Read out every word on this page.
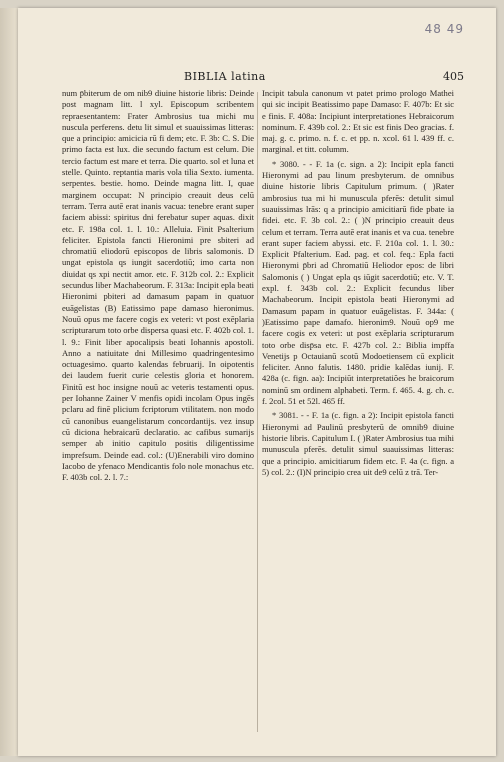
48 49
BIBLIA latina	405

num p̄biterum de om nib9 diuine historie libris: Deinde post magnam litt. l xyl. Episcopum scribentem repraesentantem: Frater Ambrosius tua michi mu nuscula perferens. detu lit simul et suauissimas litteras: que a principio: amicicia rū fi dem; etc. F. 3b: C. S. Die primo facta est lux. die secundo factum est celum. Die tercio factum est mare et terra. Die quarto. sol et luna et stelle. Quinto. reptantia maris vola tilia Sexto. iumenta. serpentes. bestie. homo. Deinde magna litt. I, quae marginem occupat: N principio creauit deus celū terram. Terra autē erat inanis vacua: tenebre erant super faciem abissi: spiritus dni ferebatur super aquas. dixit etc. F. 198a col. 1. l. 10.: Alleluia. Finit Psalterium feliciter. Epistola fancti Hieronimi pre sbiteri ad chromatiū eliodorū episcopos de libris salomonis. D ungat epistola qs iungit sacerdotiū; imo carta non diuidat qs xpi nectit amor. etc. F. 312b col. 2.: Explicit secundus liber Machabeorum. F. 313a: Incipit epla beati Hieronimi pbiteri ad damasum papam in quatuor euāgelistas (B) Eatissimo pape damaso hieronimus. Nouū opus me facere cogis ex veteri: vt post exēplaria scripturarum toto orbe dispersa quasi etc. F. 402b col. 1. l. 9.: Finit liber apocalipsis beati Iohannis apostoli. Anno a natiuitate dni Millesimo quadringentesimo octuagesimo. quarto kalendas februarij. In oipotentis dei laudem fuerit curie celestis gloria et honorem. Finitū est hoc insigne nouū ac veteris testamenti opus. per Iohanne Zainer V menfis opidi incolam Opus ingēs pclaru ad finē plicium fcriptorum vtilitatem. non modo cū canonibus euangelistarum concordantijs. vez insup cū diciona hebraicarū declaratio. ac cafibus sumarijs semper ab initio capitulo positis diligentissime imprefsum. Deinde ead. col.: (U)Enerabili viro domino Iacobo de yfenaco Mendicantis folo nole monachus etc. F. 403b col. 2. l. 7.:

Incipit tabula canonum vt patet primo prologo Mathei qui sic incipit Beatissimo pape Damaso: F. 407b: Et sic e finis. F. 408a: Incipiunt interpretationes Hebraicorum nominum. F. 439b col. 2.: Et sic est finis Deo gracias. f. maj. g. c. primo. n. f. c. et pp. n. xcol. 61 l. 439 ff. c. marginal. et titt. columm.

* 3080. - - F. 1a (c. sign. a 2): Incipit epla fancti Hieronymi ad pau linum presbyterum. de omnibus diuine historie libris Capitulum primum. ( )Rater ambrosius tua mi hi munuscula pferēs: detulit simul suauissimas lrās: q a principio amicitiarū fide pbate ia fidei. etc. F. 3b col. 2.: ( )N principio creauit deus celum et terram. Terra autē erat inanis et va cua. tenebre erant super faciem abyssi. etc. F. 210a col. 1. l. 30.: Explicit Pfalterium. Ead. pag. et col. feq.: Epla facti Hieronymi p̄bri ad Chromatiū Heliodor epos: de libri Salomonis ( ) Ungat epla qs iūgit sacerdotiū; etc. V. T. expl. f. 343b col. 2.: Explicit fecundus liber Machabeorum. Incipit epistola beati Hieronymi ad Damasum papam in quatuor euāgelistas. F. 344a: ( )Eatissimo pape damafo. hieronim9. Nouū op9 me facere cogis ex veteri: ut post exēplaria scripturarum toto orbe disp̄sa etc. F. 427b col. 2.: Biblia impffa Venetijs p Octauianū scotū Modoetiensem cū explicit feliciter. Anno falutis. 1480. pridie kalēdas iunij. F. 428a (c. fign. aa): Incipiūt interpretatiões he braicorum nominū sm ordinem alphabeti. Term. f. 465. 4. g. ch. c. f. 2col. 51 et 52l. 465 ff.

* 3081. - - F. 1a (c. fign. a 2): Incipit epistola fancti Hieronymi ad Paulinū presbyterū de omnib9 diuine historie libris. Capitulum I. ( )Rater Ambrosius tua mihi munuscula pferēs. detulit simul suauissimas litteras: que a principio. amicitiarum fidem etc. F. 4a (c. fign. a 5) col. 2.: (I)N principio crea uit de9 celū z trā. Ter-
